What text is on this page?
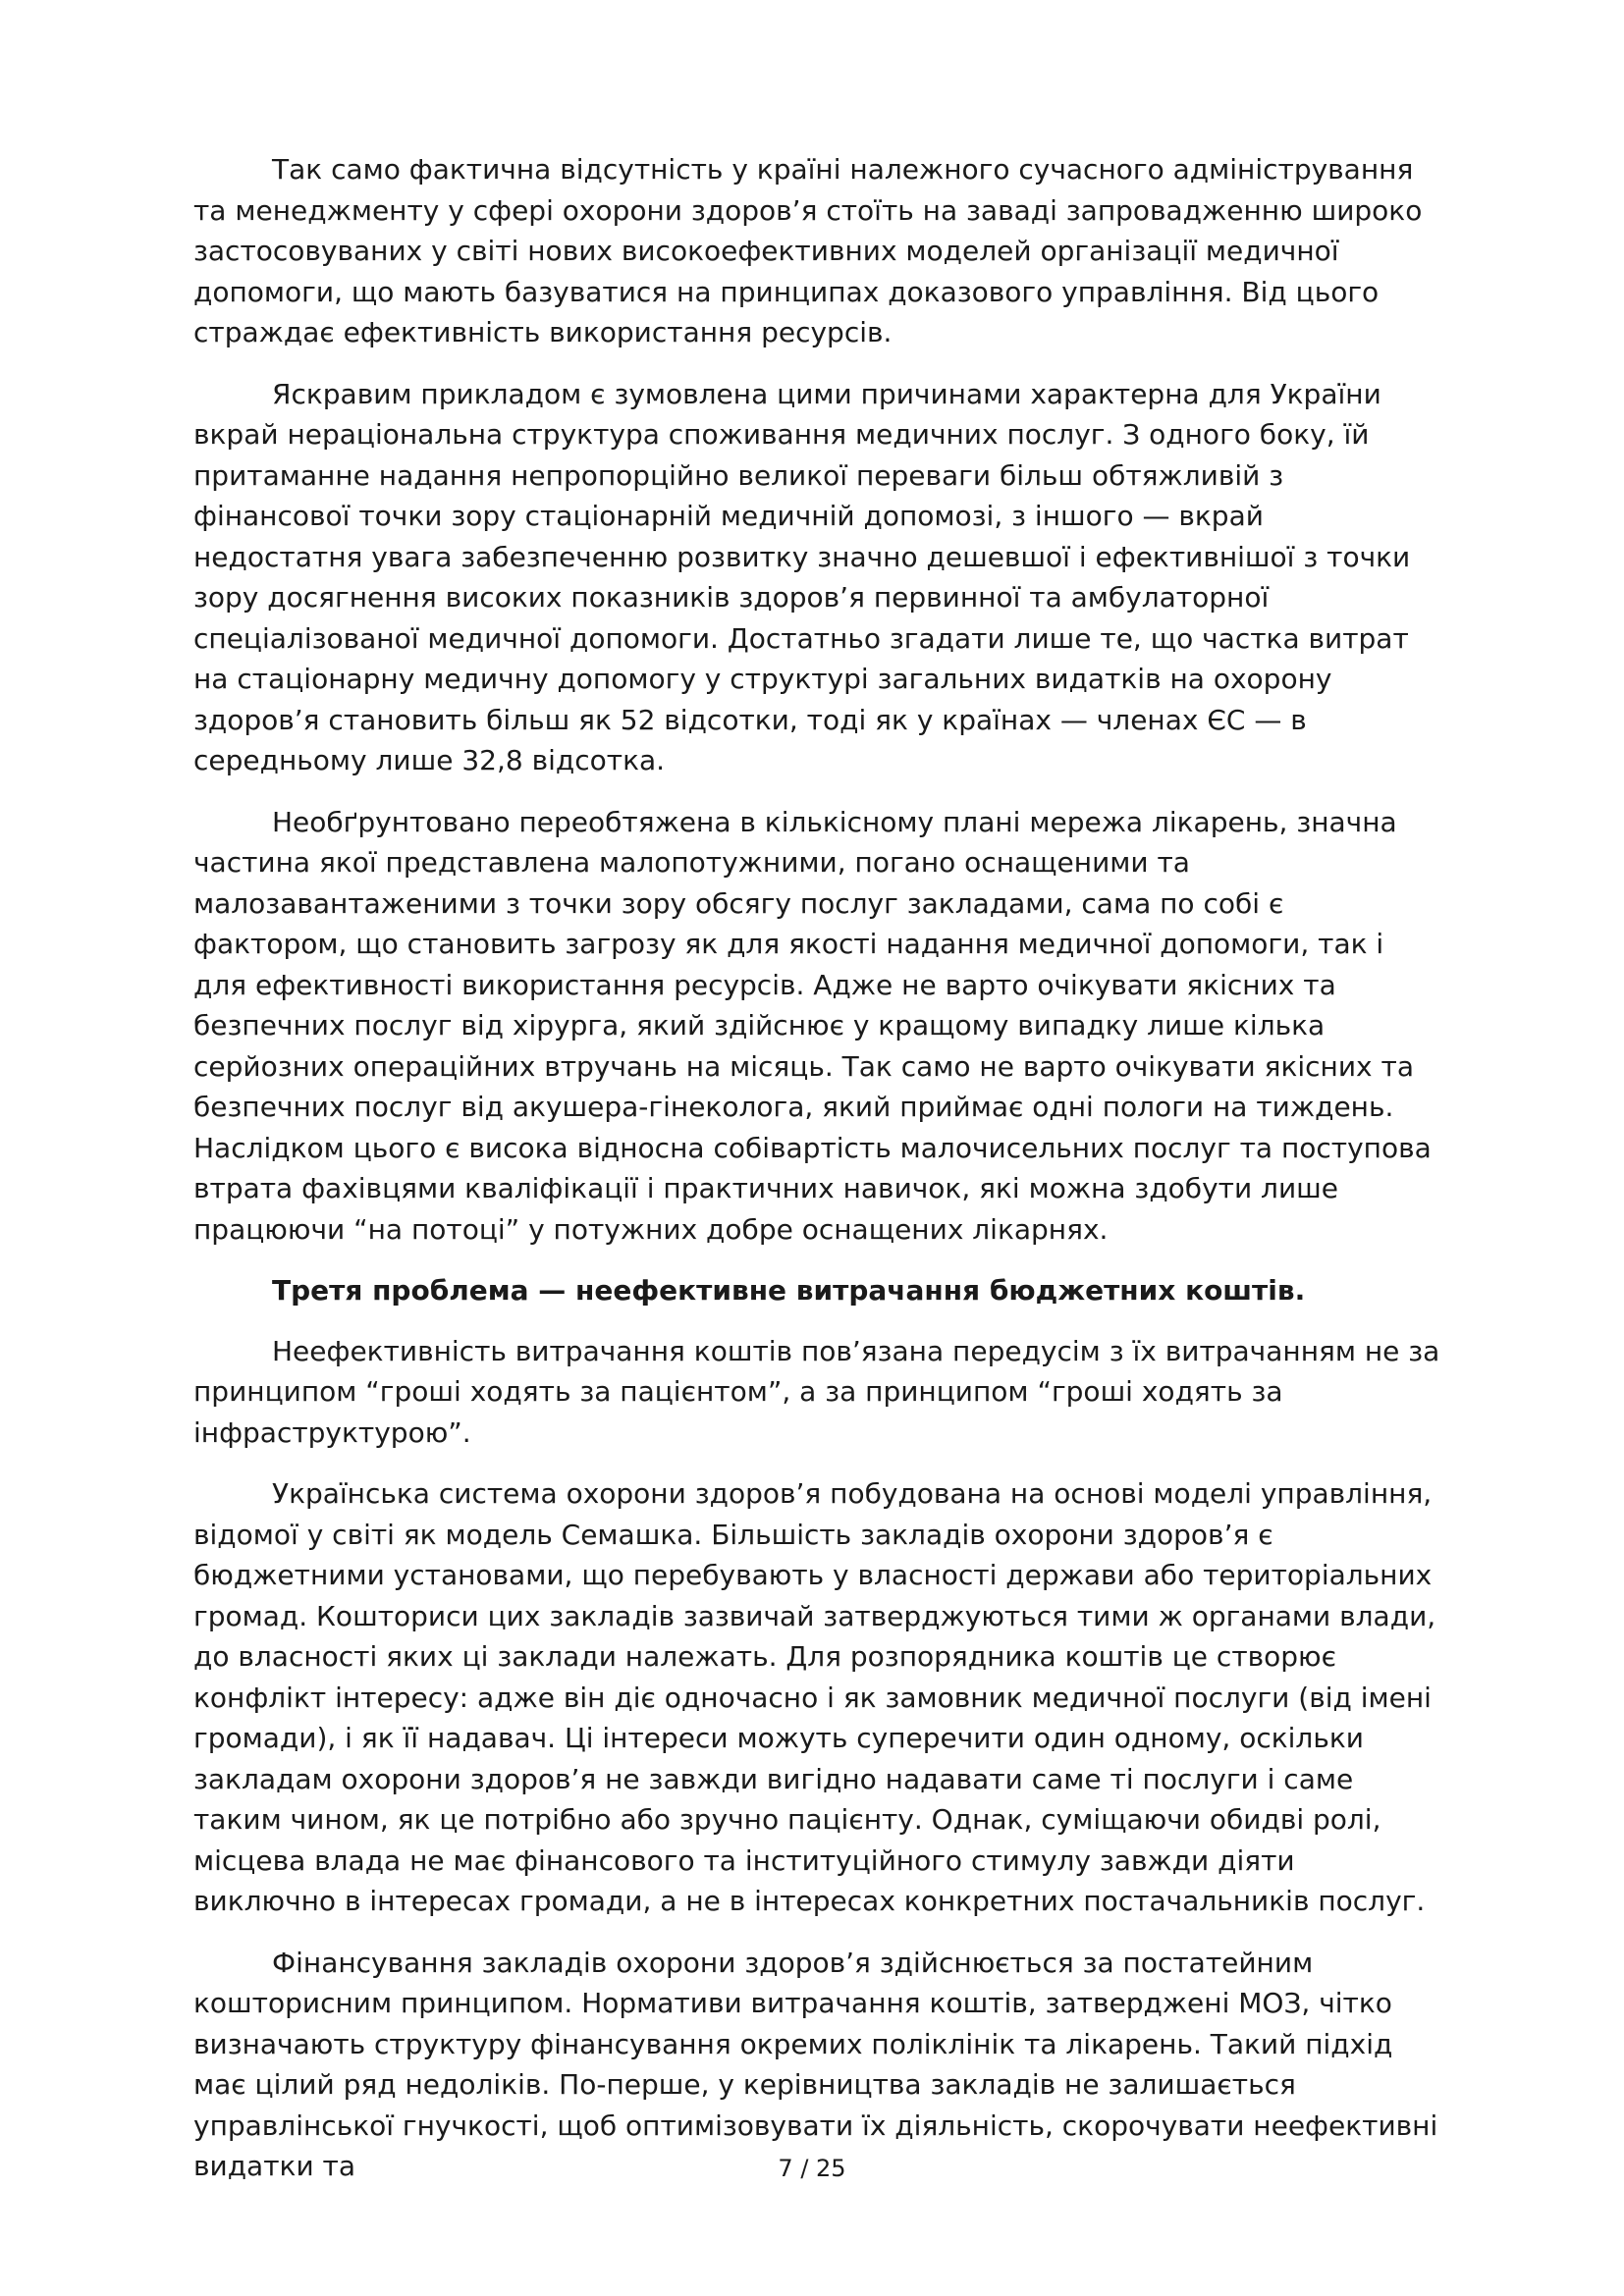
Так само фактична відсутність у країні належного сучасного адміністрування та менеджменту у сфері охорони здоров’я стоїть на заваді запровадженню широко застосовуваних у світі нових високоефективних моделей організації медичної допомоги, що мають базуватися на принципах доказового управління. Від цього страждає ефективність використання ресурсів.

Яскравим прикладом є зумовлена цими причинами характерна для України вкрай нераціональна структура споживання медичних послуг. З одного боку, їй притаманне надання непропорційно великої переваги більш обтяжливій з фінансової точки зору стаціонарній медичній допомозі, з іншого — вкрай недостатня увага забезпеченню розвитку значно дешевшої і ефективнішої з точки зору досягнення високих показників здоров’я первинної та амбулаторної спеціалізованої медичної допомоги. Достатньо згадати лише те, що частка витрат на стаціонарну медичну допомогу у структурі загальних видатків на охорону здоров’я становить більш як 52 відсотки, тоді як у країнах — членах ЄС — в середньому лише 32,8 відсотка.

Необґрунтовано переобтяжена в кількісному плані мережа лікарень, значна частина якої представлена малопотужними, погано оснащеними та малозавантаженими з точки зору обсягу послуг закладами, сама по собі є фактором, що становить загрозу як для якості надання медичної допомоги, так і для ефективності використання ресурсів. Адже не варто очікувати якісних та безпечних послуг від хірурга, який здійснює у кращому випадку лише кілька серйозних операційних втручань на місяць. Так само не варто очікувати якісних та безпечних послуг від акушера-гінеколога, який приймає одні пологи на тиждень. Наслідком цього є висока відносна собівартість малочисельних послуг та поступова втрата фахівцями кваліфікації і практичних навичок, які можна здобути лише працюючи “на потоці” у потужних добре оснащених лікарнях.

Третя проблема — неефективне витрачання бюджетних коштів.

Неефективність витрачання коштів пов’язана передусім з їх витрачанням не за принципом “гроші ходять за пацієнтом”, а за принципом “гроші ходять за інфраструктурою”.

Українська система охорони здоров’я побудована на основі моделі управління, відомої у світі як модель Семашка. Більшість закладів охорони здоров’я є бюджетними установами, що перебувають у власності держави або територіальних громад. Кошториси цих закладів зазвичай затверджуються тими ж органами влади, до власності яких ці заклади належать. Для розпорядника коштів це створює конфлікт інтересу: адже він діє одночасно і як замовник медичної послуги (від імені громади), і як її надавач. Ці інтереси можуть суперечити один одному, оскільки закладам охорони здоров’я не завжди вигідно надавати саме ті послуги і саме таким чином, як це потрібно або зручно пацієнту. Однак, суміщаючи обидві ролі, місцева влада не має фінансового та інституційного стимулу завжди діяти виключно в інтересах громади, а не в інтересах конкретних постачальників послуг.

Фінансування закладів охорони здоров’я здійснюється за постатейним кошторисним принципом. Нормативи витрачання коштів, затверджені МОЗ, чітко визначають структуру фінансування окремих поліклінік та лікарень. Такий підхід має цілий ряд недоліків. По-перше, у керівництва закладів не залишається управлінської гнучкості, щоб оптимізовувати їх діяльність, скорочувати неефективні видатки та	7 / 25
